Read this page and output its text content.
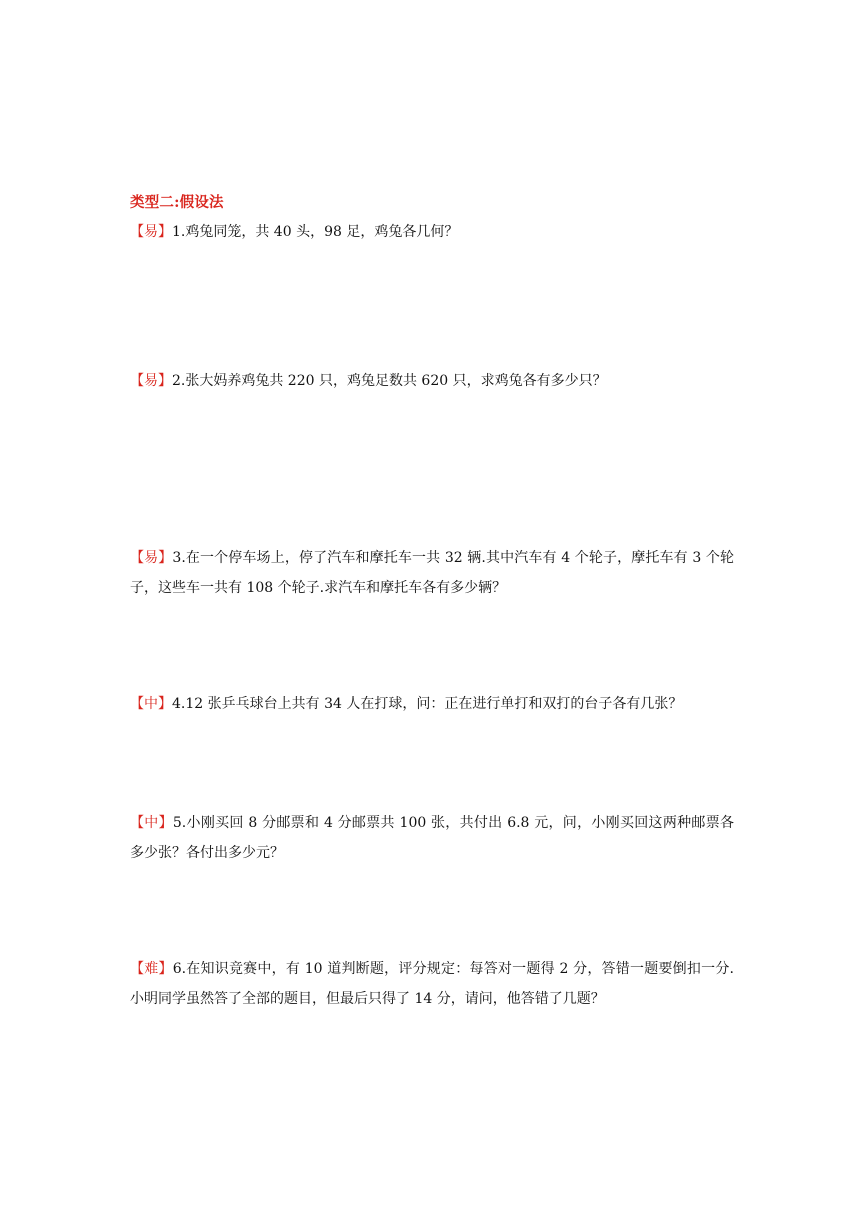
类型二:假设法
【易】1.鸡兔同笼，共 40 头，98 足，鸡兔各几何？
【易】2.张大妈养鸡兔共 220 只，鸡兔足数共 620 只，求鸡兔各有多少只？
【易】3.在一个停车场上，停了汽车和摩托车一共 32 辆.其中汽车有 4 个轮子，摩托车有 3 个轮子，这些车一共有 108 个轮子.求汽车和摩托车各有多少辆？
【中】4.12 张乒乓球台上共有 34 人在打球，问：正在进行单打和双打的台子各有几张？
【中】5.小刚买回 8 分邮票和 4 分邮票共 100 张，共付出 6.8 元，问，小刚买回这两种邮票各多少张？各付出多少元？
【难】6.在知识竞赛中，有 10 道判断题，评分规定：每答对一题得 2 分，答错一题要倒扣一分.小明同学虽然答了全部的题目，但最后只得了 14 分，请问，他答错了几题？
